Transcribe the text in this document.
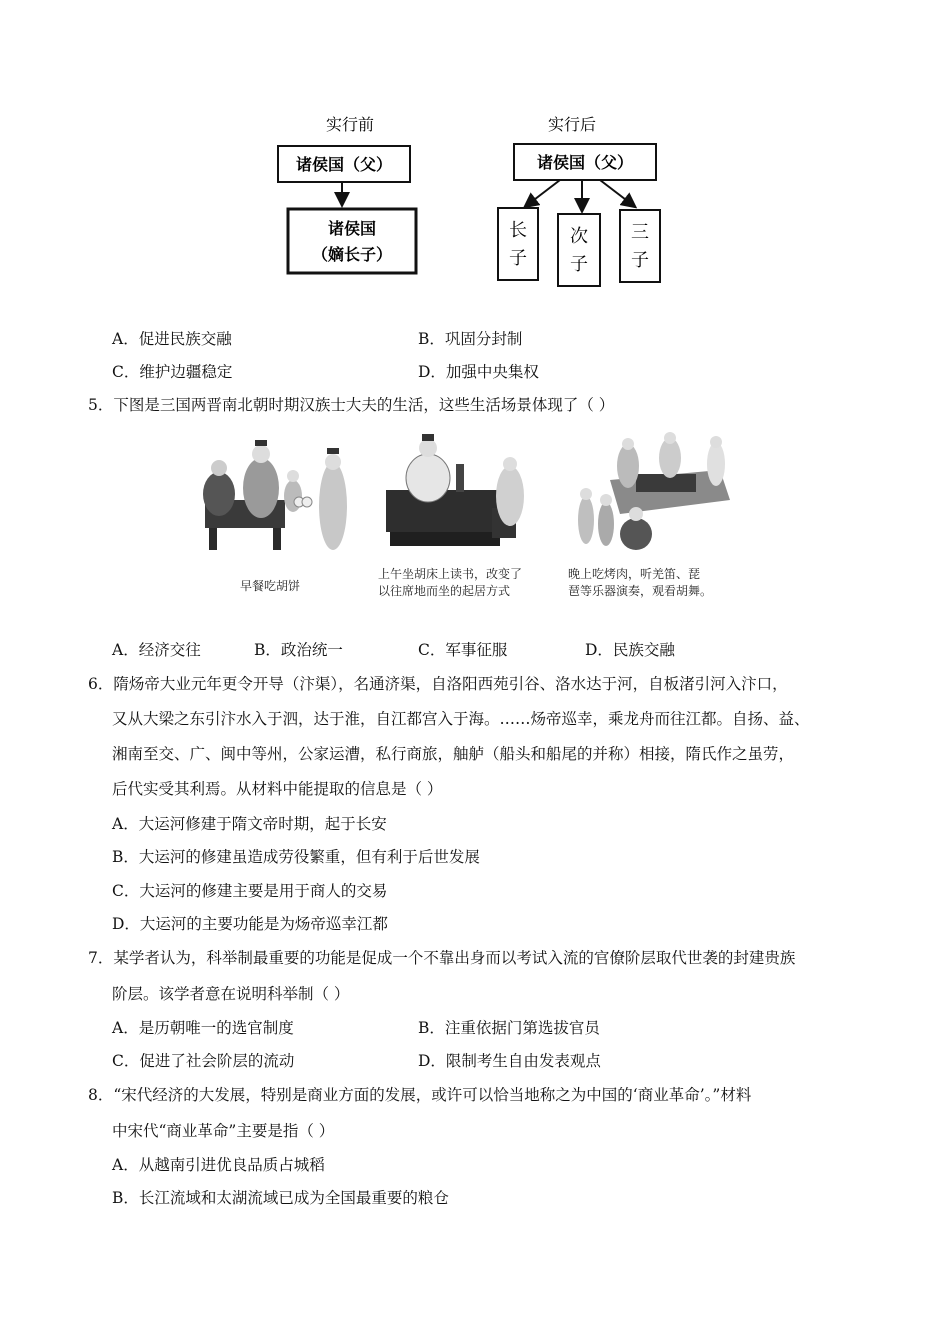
实行前	实行后
诸侯国（父）
诸侯国
（嫡长子）
诸侯国（父）
长
子
次
子
三
子
A．促进民族交融	B．巩固分封制
C．维护边疆稳定	D．加强中央集权
5．下图是三国两晋南北朝时期汉族士大夫的生活，这些生活场景体现了（ ）
早餐吃胡饼
上午坐胡床上读书，改变了
以往席地而坐的起居方式
晚上吃烤肉，听羌笛、琵
琶等乐器演奏，观看胡舞。
A．经济交往	B．政治统一	C．军事征服	D．民族交融
6．隋炀帝大业元年更令开导（汴渠），名通济渠，自洛阳西苑引谷、洛水达于河，自板渚引河入汴口，
又从大梁之东引汴水入于泗，达于淮，自江都宫入于海。……炀帝巡幸，乘龙舟而往江都。自扬、益、
湘南至交、广、闽中等州，公家运漕，私行商旅，舳舻（船头和船尾的并称）相接，隋氏作之虽劳，
后代实受其利焉。从材料中能提取的信息是（ ）
A．大运河修建于隋文帝时期，起于长安
B．大运河的修建虽造成劳役繁重，但有利于后世发展
C．大运河的修建主要是用于商人的交易
D．大运河的主要功能是为炀帝巡幸江都
7．某学者认为，科举制最重要的功能是促成一个不靠出身而以考试入流的官僚阶层取代世袭的封建贵族
阶层。该学者意在说明科举制（ ）
A．是历朝唯一的选官制度	B．注重依据门第选拔官员
C．促进了社会阶层的流动	D．限制考生自由发表观点
8．“宋代经济的大发展，特别是商业方面的发展，或许可以恰当地称之为中国的‘商业革命’。”材料
中宋代“商业革命”主要是指（ ）
A．从越南引进优良品质占城稻
B．长江流域和太湖流域已成为全国最重要的粮仓
